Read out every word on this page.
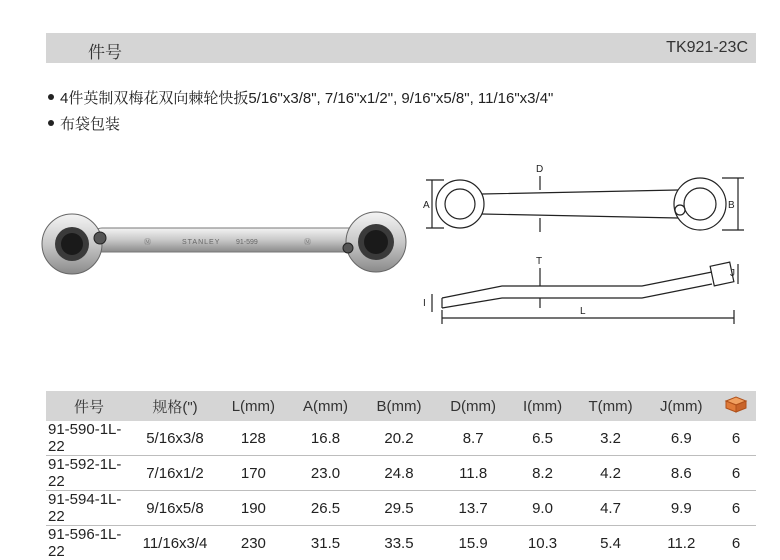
件号	TK921-23C
4件英制双梅花双向棘轮快扳5/16"x3/8", 7/16"x1/2", 9/16"x5/8", 11/16"x3/4"
布袋包装
Ⓜ	STANLEY 91-599	Ⓜ
A	B
D
T
I
J
L
件号	规格(")	L(mm)	A(mm)	B(mm)	D(mm)	I(mm)	T(mm)	J(mm)	
91-590-1L-22	5/16x3/8	128	16.8	20.2	8.7	6.5	3.2	6.9	6
91-592-1L-22	7/16x1/2	170	23.0	24.8	11.8	8.2	4.2	8.6	6
91-594-1L-22	9/16x5/8	190	26.5	29.5	13.7	9.0	4.7	9.9	6
91-596-1L-22	11/16x3/4	230	31.5	33.5	15.9	10.3	5.4	11.2	6
